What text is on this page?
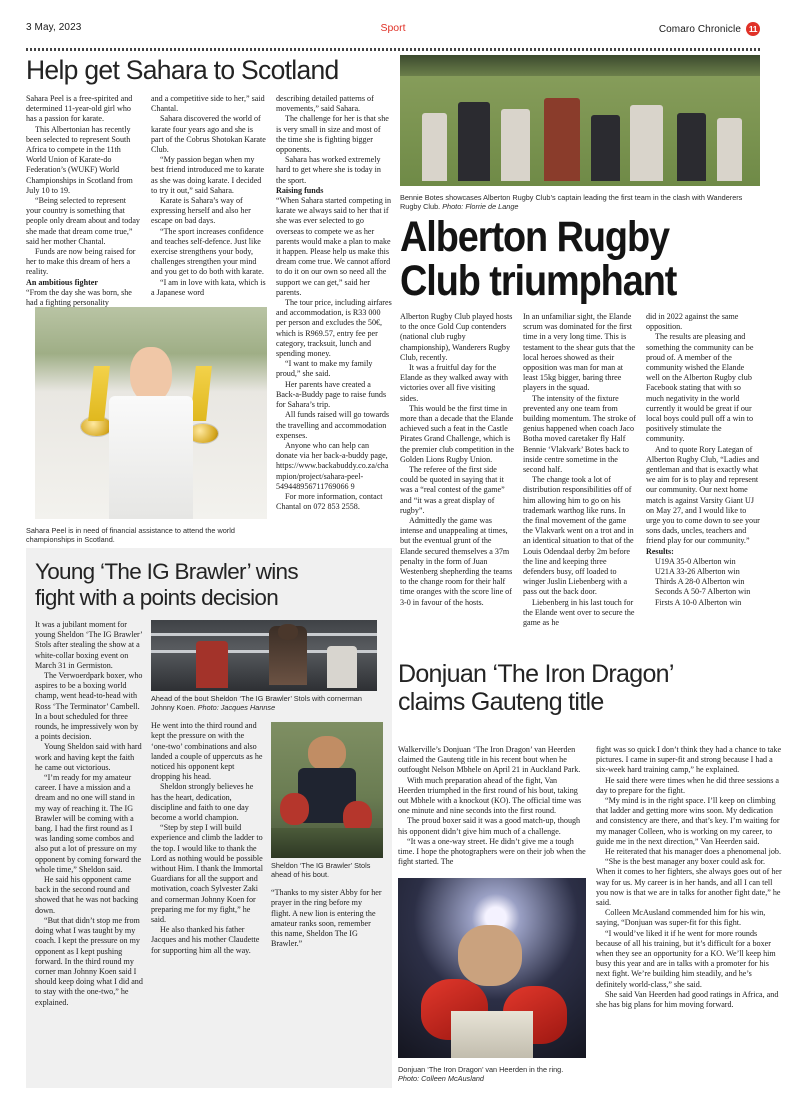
3 May, 2023	Sport	Comaro Chronicle 11
Help get Sahara to Scotland

Sahara Peel is a free-spirited and determined 11-year-old girl who has a passion for karate.

This Albertonian has recently been selected to represent South Africa to compete in the 11th World Union of Karate-do Federation’s (WUKF) World Championships in Scotland from July 10 to 19.

“Being selected to represent your country is something that people only dream about and today she made that dream come true,” said her mother Chantal.

Funds are now being raised for her to make this dream of hers a reality.

An ambitious fighter

“From the day she was born, she had a fighting personality

and a competitive side to her,” said Chantal.

Sahara discovered the world of karate four years ago and she is part of the Cobrus Shotokan Karate Club.

“My passion began when my best friend introduced me to karate as she was doing karate. I decided to try it out,” said Sahara.

Karate is Sahara’s way of expressing herself and also her escape on bad days.

“The sport increases confidence and teaches self-defence. Just like exercise strengthens your body, challenges strengthen your mind and you get to do both with karate.

“I am in love with kata, which is a Japanese word

describing detailed patterns of movements,” said Sahara.

The challenge for her is that she is very small in size and most of the time she is fighting bigger opponents.

Sahara has worked extremely hard to get where she is today in the sport.

Raising funds

“When Sahara started competing in karate we always said to her that if she was ever selected to go overseas to compete we as her parents would make a plan to make it happen. Please help us make this dream come true. We cannot afford to do it on our own so need all the support we can get,” said her parents.

The tour price, including airfares and accommodation, is R33 000 per person and excludes the 50€, which is R969.57, entry fee per category, tracksuit, lunch and spending money.

“I want to make my family proud,” she said.

Her parents have created a Back-a-Buddy page to raise funds for Sahara’s trip.

All funds raised will go towards the travelling and accommodation expenses.

Anyone who can help can donate via her back-a-buddy page, https://www.backabuddy.co.za/champion/project/sahara-peel-549448956711769066 9

For more information, contact Chantal on 072 853 2558.

Sahara Peel is in need of financial assistance to attend the world championships in Scotland.
Bennie Botes showcases Alberton Rugby Club’s captain leading the first team in the clash with Wanderers Rugby Club. Photo: Florrie de Lange
Alberton Rugby
Club triumphant

Alberton Rugby Club played hosts to the once Gold Cup contenders (national club rugby championship), Wanderers Rugby Club, recently.

It was a fruitful day for the Elande as they walked away with victories over all five visiting sides.

This would be the first time in more than a decade that the Elande achieved such a feat in the Castle Pirates Grand Challenge, which is the premier club competition in the Golden Lions Rugby Union.

The referee of the first side could be quoted in saying that it was a “real contest of the game” and “it was a great display of rugby”.

Admittedly the game was intense and unappealing at times, but the eventual grunt of the Elande secured themselves a 37m penalty in the form of Juan Westenberg shepherding the teams to the change room for their half time oranges with the score line of 3-0 in favour of the hosts.

In an unfamiliar sight, the Elande scrum was dominated for the first time in a very long time. This is testament to the shear guts that the local heroes showed as their opposition was man for man at least 15kg bigger, baring three players in the squad.

The intensity of the fixture prevented any one team from building momentum. The stroke of genius happened when coach Jaco Botha moved caretaker fly Half Bennie ‘Vlakvark’ Botes back to inside centre sometime in the second half.

The change took a lot of distribution responsibilities off of him allowing him to go on his trademark warthog like runs. In the final movement of the game the Vlakvark went on a trot and in an identical situation to that of the Louis Odendaal derby 2m before the line and keeping three defenders busy, off loaded to winger Juslin Liebenberg with a pass out the back door.

Liebenberg in his last touch for the Elande went over to secure the game as he

did in 2022 against the same opposition.

The results are pleasing and something the community can be proud of. A member of the community wished the Elande well on the Alberton Rugby club Facebook stating that with so much negativity in the world currently it would be great if our local boys could pull off a win to positively stimulate the community.

And to quote Rory Lategan of Alberton Rugby Club, “Ladies and gentleman and that is exactly what we aim for is to play and represent our community. Our next home match is against Varsity Giant UJ on May 27, and I would like to urge you to come down to see your sons dads, uncles, teachers and friend play for our community.”

Results:

U19A 35-0 Alberton win

U21A 33-26 Alberton win

Thirds A 28-0 Alberton win

Seconds A 50-7 Alberton win

Firsts A 10-0 Alberton win

Young ‘The IG Brawler’ wins
fight with a points decision

It was a jubilant moment for young Sheldon ‘The IG Brawler’ Stols after stealing the show at a white-collar boxing event on March 31 in Germiston.

The Verwoerdpark boxer, who aspires to be a boxing world champ, went head-to-head with Ross ‘The Terminator’ Cambell. In a bout scheduled for three rounds, he impressively won by a points decision.

Young Sheldon said with hard work and having kept the faith he came out victorious.

“I’m ready for my amateur career. I have a mission and a dream and no one will stand in my way of reaching it. The IG Brawler will be coming with a bang. I had the first round as I was landing some combos and also put a lot of pressure on my opponent by coming forward the whole time,” Sheldon said.

He said his opponent came back in the second round and showed that he was not backing down.

“But that didn’t stop me from doing what I was taught by my coach. I kept the pressure on my opponent as I kept pushing forward. In the third round my corner man Johnny Koen said I should keep doing what I did and to stay with the one-two,” he explained.

Ahead of the bout Sheldon ‘The IG Brawler’ Stols with cornerman Johnny Koen. Photo: Jacques Hannse

He went into the third round and kept the pressure on with the ‘one-two’ combinations and also landed a couple of uppercuts as he noticed his opponent kept dropping his head.

Sheldon strongly believes he has the heart, dedication, discipline and faith to one day become a world champion.

“Step by step I will build experience and climb the ladder to the top. I would like to thank the Lord as nothing would be possible without Him. I thank the Immortal Guardians for all the support and motivation, coach Sylvester Zaki and cornerman Johnny Koen for preparing me for my fight,” he said.

He also thanked his father Jacques and his mother Claudette for supporting him all the way.

Sheldon ‘The IG Brawler’ Stols ahead of his bout.

“Thanks to my sister Abby for her prayer in the ring before my flight. A new lion is entering the amateur ranks soon, remember this name, Sheldon The IG Brawler.”

Donjuan ‘The Iron Dragon’
claims Gauteng title

Walkerville’s Donjuan ‘The Iron Dragon’ van Heerden claimed the Gauteng title in his recent bout when he outfought Nelson Mbhele on April 21 in Auckland Park.

With much preparation ahead of the fight, Van Heerden triumphed in the first round of his bout, taking out Mbhele with a knockout (KO). The official time was one minute and nine seconds into the first round.

The proud boxer said it was a good match-up, though his opponent didn’t give him much of a challenge.

“It was a one-way street. He didn’t give me a tough time. I hope the photographers were on their job when the fight started. The

fight was so quick I don’t think they had a chance to take pictures. I came in super-fit and strong because I had a six-week hard training camp,” he explained.

He said there were times when he did three sessions a day to prepare for the fight.

“My mind is in the right space. I’ll keep on climbing that ladder and getting more wins soon. My dedication and consistency are there, and that’s key. I’m waiting for my manager Colleen, who is working on my career, to guide me in the next direction,” Van Heerden said.

He reiterated that his manager does a phenomenal job.

“She is the best manager any boxer could ask for. When it comes to her fighters, she always goes out of her way for us. My career is in her hands, and all I can tell you now is that we are in talks for another fight date,” he said.

Colleen McAusland commended him for his win, saying, “Donjuan was super-fit for this fight.

“I would’ve liked it if he went for more rounds because of all his training, but it’s difficult for a boxer when they see an opportunity for a KO. We’ll keep him busy this year and are in talks with a promoter for his next fight. We’re building him steadily, and he’s definitely world-class,” she said.

She said Van Heerden had good ratings in Africa, and she has big plans for him moving forward.

Donjuan ‘The Iron Dragon’ van Heerden in the ring. Photo: Colleen McAusland
